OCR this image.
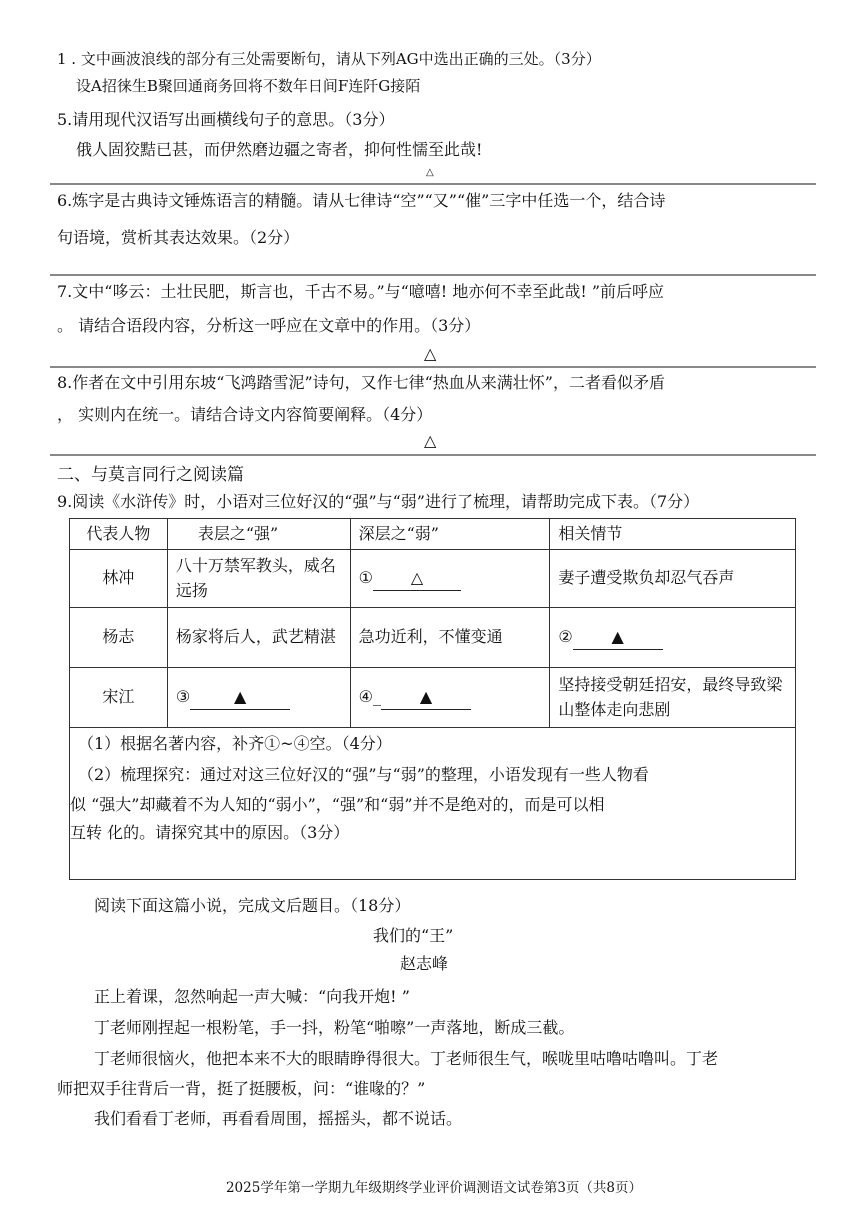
1 . 文中画波浪线的部分有三处需要断句，请从下列AG中选出正确的三处。（3分）
设A招徕生B聚回通商务回将不数年日间F连阡G接陌
5.请用现代汉语写出画横线句子的意思。（3分）
俄人固狡黠已甚，而伊然磨边疆之寄者，抑何性懦至此哉!
△
6.炼字是古典诗文锤炼语言的精髓。请从七律诗“空”“又”“催”三字中任选一个，结合诗
句语境，赏析其表达效果。（2分）
7.文中“哆云：土壮民肥，斯言也，千古不易。”与“噫嘻! 地亦何不幸至此哉! ”前后呼应
。 请结合语段内容，分析这一呼应在文章中的作用。（3分）
△
8.作者在文中引用东坡“飞鸿踏雪泥”诗句，又作七律“热血从来满壮怀”，二者看似矛盾
， 实则内在统一。请结合诗文内容简要阐释。（4分）
△
二、与莫言同行之阅读篇
9.阅读《水浒传》时，小语对三位好汉的“强”与“弱”进行了梳理，请帮助完成下表。（7分）
代表人物	表层之“强”	深层之“弱”	相关情节
林冲	八十万禁军教头，威名远扬	① △	妻子遭受欺负却忍气吞声
杨志	杨家将后人，武艺精湛	急功近利，不懂变通	② ▲
宋江	③ ▲	④_ ▲	坚持接受朝廷招安，最终导致梁山整体走向悲剧
（1）根据名著内容，补齐①~④空。（4分）
（2）梳理探究：通过对这三位好汉的“强”与“弱”的整理，小语发现有一些人物看
似 “强大”却藏着不为人知的“弱小”，“强”和“弱”并不是绝对的，而是可以相
互转 化的。请探究其中的原因。（3分）
阅读下面这篇小说，完成文后题目。（18分）
我们的“王”
赵志峰
正上着课，忽然响起一声大喊：“向我开炮! ”
丁老师刚捏起一根粉笔，手一抖，粉笔“啪嚓”一声落地，断成三截。
丁老师很恼火，他把本来不大的眼睛睁得很大。丁老师很生气，喉咙里咕噜咕噜叫。丁老
师把双手往背后一背，挺了挺腰板，问：“谁喙的？”
我们看看丁老师，再看看周围，摇摇头，都不说话。
2025学年第一学期九年级期终学业评价调测语文试卷第3页（共8页）
